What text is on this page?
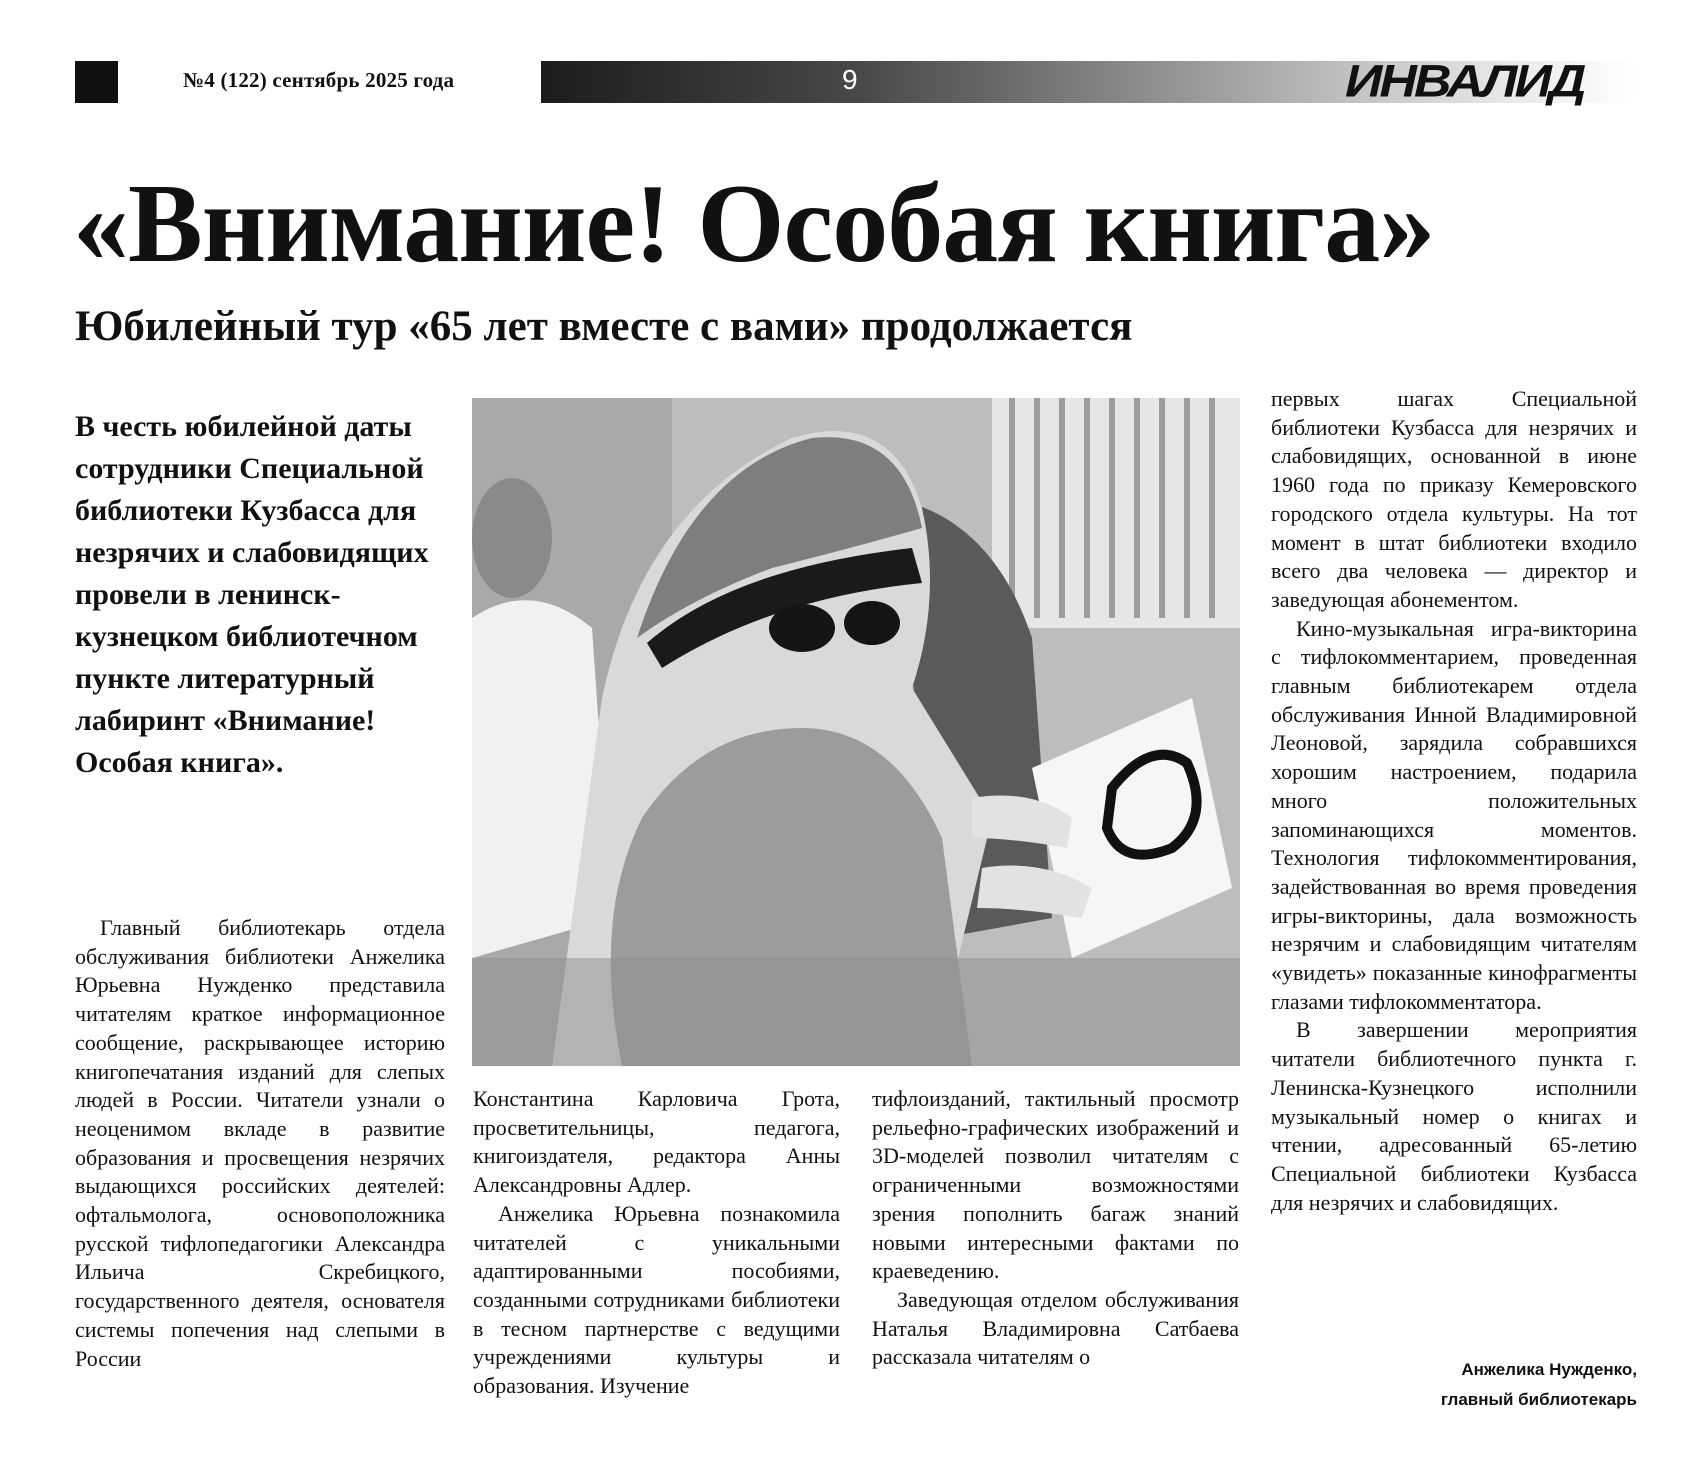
№4 (122) сентябрь 2025 года	9	ИНВАЛИД
«Внимание! Особая книга»
Юбилейный тур «65 лет вместе с вами» продолжается

В честь юбилейной даты сотрудники Специальной библиотеки Кузбасса для незрячих и слабовидящих провели в ленинск-кузнецком библиотечном пункте литературный лабиринт «Внимание! Особая книга».

Главный библиотекарь отдела обслуживания библиотеки Анжелика Юрьевна Нужденко представила читателям краткое информационное сообщение, раскрывающее историю книгопечатания изданий для слепых людей в России. Читатели узнали о неоценимом вкладе в развитие образования и просвещения незрячих выдающихся российских деятелей: офтальмолога, основоположника русской тифлопедагогики Александра Ильича Скребицкого, государственного деятеля, основателя системы попечения над слепыми в России

Константина Карловича Грота, просветительницы, педагога, книгоиздателя, редактора Анны Александровны Адлер.

Анжелика Юрьевна познакомила читателей с уникальными адаптированными пособиями, созданными сотрудниками библиотеки в тесном партнерстве с ведущими учреждениями культуры и образования. Изучение

тифлоизданий, тактильный просмотр рельефно-графических изображений и 3D-моделей позволил читателям с ограниченными возможностями зрения пополнить багаж знаний новыми интересными фактами по краеведению.

Заведующая отделом обслуживания Наталья Владимировна Сатбаева рассказала читателям о

первых шагах Специальной библиотеки Кузбасса для незрячих и слабовидящих, основанной в июне 1960 года по приказу Кемеровского городского отдела культуры. На тот момент в штат библиотеки входило всего два человека — директор и заведующая абонементом.

Кино-музыкальная игра-викторина с тифлокомментарием, проведенная главным библиотекарем отдела обслуживания Инной Владимировной Леоновой, зарядила собравшихся хорошим настроением, подарила много положительных запоминающихся моментов. Технология тифлокомментирования, задействованная во время проведения игры-викторины, дала возможность незрячим и слабовидящим читателям «увидеть» показанные кинофрагменты глазами тифлокомментатора.

В завершении мероприятия читатели библиотечного пункта г. Ленинска-Кузнецкого исполнили музыкальный номер о книгах и чтении, адресованный 65-летию Специальной библиотеки Кузбасса для незрячих и слабовидящих.

Анжелика Нужденко,
главный библиотекарь
